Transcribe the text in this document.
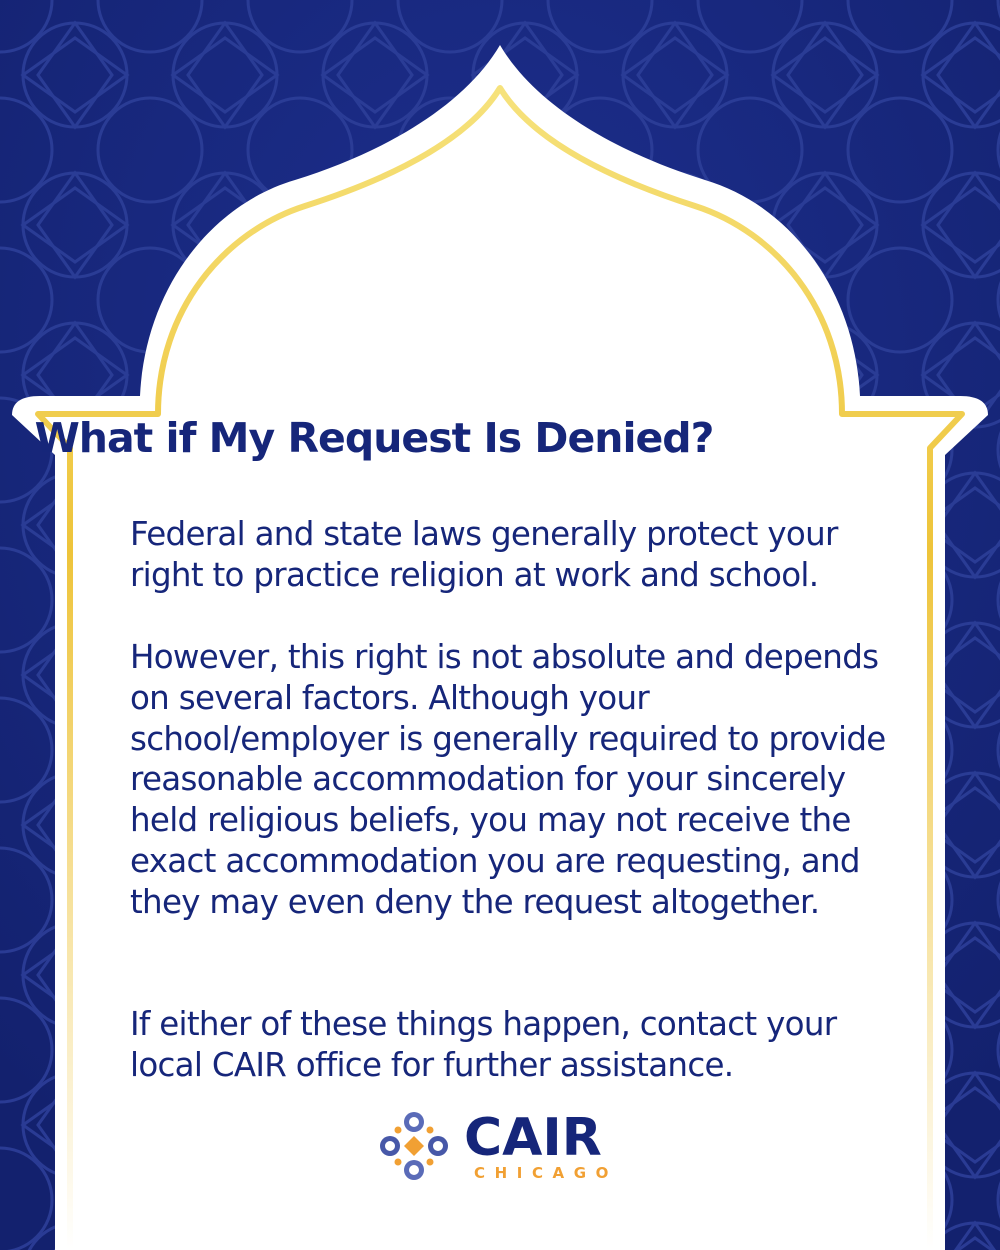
What if My Request Is Denied?

Federal and state laws generally protect your right to practice religion at work and school.

However, this right is not absolute and depends on several factors. Although your school/employer is generally required to provide reasonable accommodation for your sincerely held religious beliefs, you may not receive the exact accommodation you are requesting, and they may even deny the request altogether.

If either of these things happen, contact your local CAIR office for further assistance.

CAIR
CHICAGO
